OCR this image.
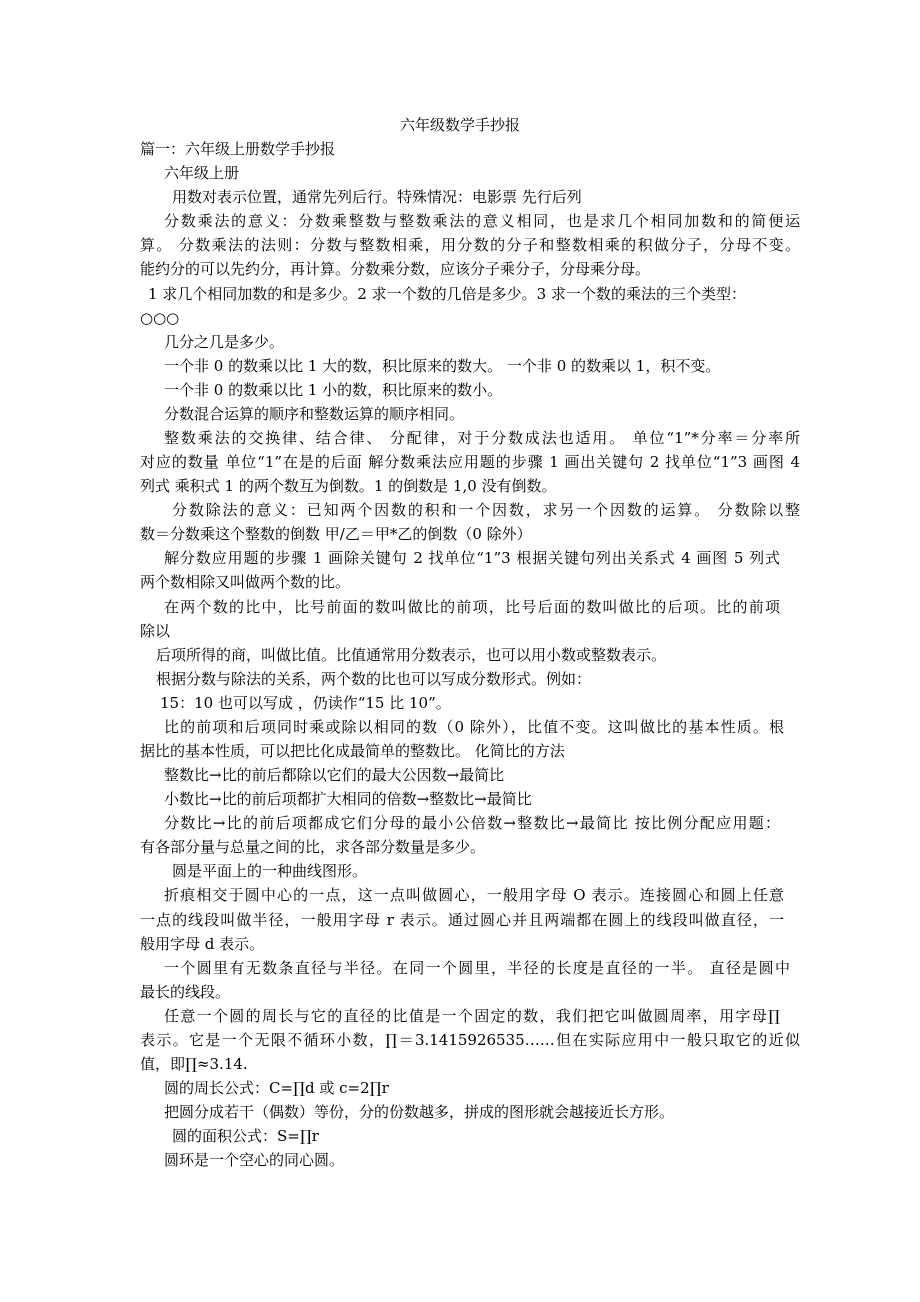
六年级数学手抄报
篇一：六年级上册数学手抄报
六年级上册
用数对表示位置，通常先列后行。特殊情况：电影票 先行后列
分数乘法的意义：分数乘整数与整数乘法的意义相同，也是求几个相同加数和的简便运
算。 分数乘法的法则：分数与整数相乘，用分数的分子和整数相乘的积做分子，分母不变。
能约分的可以先约分，再计算。分数乘分数，应该分子乘分子，分母乘分母。
1 求几个相同加数的和是多少。2 求一个数的几倍是多少。3 求一个数的乘法的三个类型：
○○○
几分之几是多少。
一个非 0 的数乘以比 1 大的数，积比原来的数大。 一个非 0 的数乘以 1，积不变。
一个非 0 的数乘以比 1 小的数，积比原来的数小。
分数混合运算的顺序和整数运算的顺序相同。
整数乘法的交换律、结合律、 分配律，对于分数成法也适用。 单位“1”*分率＝分率所
对应的数量 单位“1”在是的后面 解分数乘法应用题的步骤 1 画出关键句 2 找单位“1”3 画图 4
列式 乘积式 1 的两个数互为倒数。1 的倒数是 1,0 没有倒数。
分数除法的意义：已知两个因数的积和一个因数，求另一个因数的运算。 分数除以整
数＝分数乘这个整数的倒数 甲/乙＝甲*乙的倒数（0 除外）
解分数应用题的步骤 1 画除关键句 2 找单位“1”3 根据关键句列出关系式 4 画图 5 列式
两个数相除又叫做两个数的比。
在两个数的比中，比号前面的数叫做比的前项，比号后面的数叫做比的后项。比的前项
除以
后项所得的商，叫做比值。比值通常用分数表示，也可以用小数或整数表示。
根据分数与除法的关系，两个数的比也可以写成分数形式。例如：
15：10 也可以写成 ，仍读作“15 比 10”。
比的前项和后项同时乘或除以相同的数（0 除外），比值不变。这叫做比的基本性质。根
据比的基本性质，可以把比化成最简单的整数比。 化简比的方法
整数比→比的前后都除以它们的最大公因数→最简比
小数比→比的前后项都扩大相同的倍数→整数比→最简比
分数比→比的前后项都成它们分母的最小公倍数→整数比→最简比 按比例分配应用题：
有各部分量与总量之间的比，求各部分数量是多少。
圆是平面上的一种曲线图形。
折痕相交于圆中心的一点，这一点叫做圆心，一般用字母 O 表示。连接圆心和圆上任意
一点的线段叫做半径，一般用字母 r 表示。通过圆心并且两端都在圆上的线段叫做直径，一
般用字母 d 表示。
一个圆里有无数条直径与半径。在同一个圆里，半径的长度是直径的一半。 直径是圆中
最长的线段。
任意一个圆的周长与它的直径的比值是一个固定的数，我们把它叫做圆周率，用字母∏
表示。它是一个无限不循环小数，∏＝3.1415926535……但在实际应用中一般只取它的近似
值，即∏≈3.14.
圆的周长公式：C=∏d 或 c=2∏r
把圆分成若干（偶数）等份，分的份数越多，拼成的图形就会越接近长方形。
圆的面积公式：S=∏r
圆环是一个空心的同心圆。
